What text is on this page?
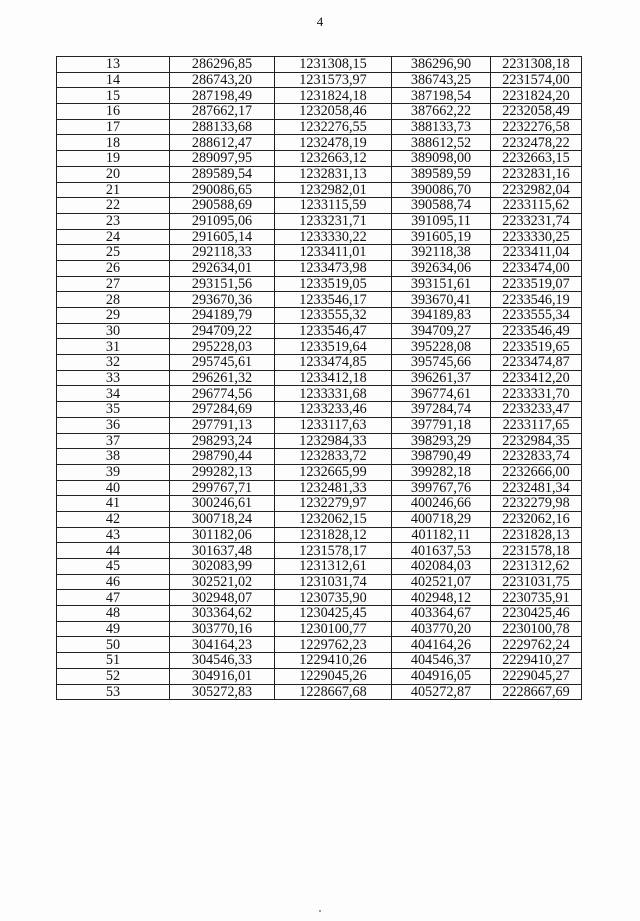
4
13	286296,85	1231308,15	386296,90	2231308,18
14	286743,20	1231573,97	386743,25	2231574,00
15	287198,49	1231824,18	387198,54	2231824,20
16	287662,17	1232058,46	387662,22	2232058,49
17	288133,68	1232276,55	388133,73	2232276,58
18	288612,47	1232478,19	388612,52	2232478,22
19	289097,95	1232663,12	389098,00	2232663,15
20	289589,54	1232831,13	389589,59	2232831,16
21	290086,65	1232982,01	390086,70	2232982,04
22	290588,69	1233115,59	390588,74	2233115,62
23	291095,06	1233231,71	391095,11	2233231,74
24	291605,14	1233330,22	391605,19	2233330,25
25	292118,33	1233411,01	392118,38	2233411,04
26	292634,01	1233473,98	392634,06	2233474,00
27	293151,56	1233519,05	393151,61	2233519,07
28	293670,36	1233546,17	393670,41	2233546,19
29	294189,79	1233555,32	394189,83	2233555,34
30	294709,22	1233546,47	394709,27	2233546,49
31	295228,03	1233519,64	395228,08	2233519,65
32	295745,61	1233474,85	395745,66	2233474,87
33	296261,32	1233412,18	396261,37	2233412,20
34	296774,56	1233331,68	396774,61	2233331,70
35	297284,69	1233233,46	397284,74	2233233,47
36	297791,13	1233117,63	397791,18	2233117,65
37	298293,24	1232984,33	398293,29	2232984,35
38	298790,44	1232833,72	398790,49	2232833,74
39	299282,13	1232665,99	399282,18	2232666,00
40	299767,71	1232481,33	399767,76	2232481,34
41	300246,61	1232279,97	400246,66	2232279,98
42	300718,24	1232062,15	400718,29	2232062,16
43	301182,06	1231828,12	401182,11	2231828,13
44	301637,48	1231578,17	401637,53	2231578,18
45	302083,99	1231312,61	402084,03	2231312,62
46	302521,02	1231031,74	402521,07	2231031,75
47	302948,07	1230735,90	402948,12	2230735,91
48	303364,62	1230425,45	403364,67	2230425,46
49	303770,16	1230100,77	403770,20	2230100,78
50	304164,23	1229762,23	404164,26	2229762,24
51	304546,33	1229410,26	404546,37	2229410,27
52	304916,01	1229045,26	404916,05	2229045,27
53	305272,83	1228667,68	405272,87	2228667,69
